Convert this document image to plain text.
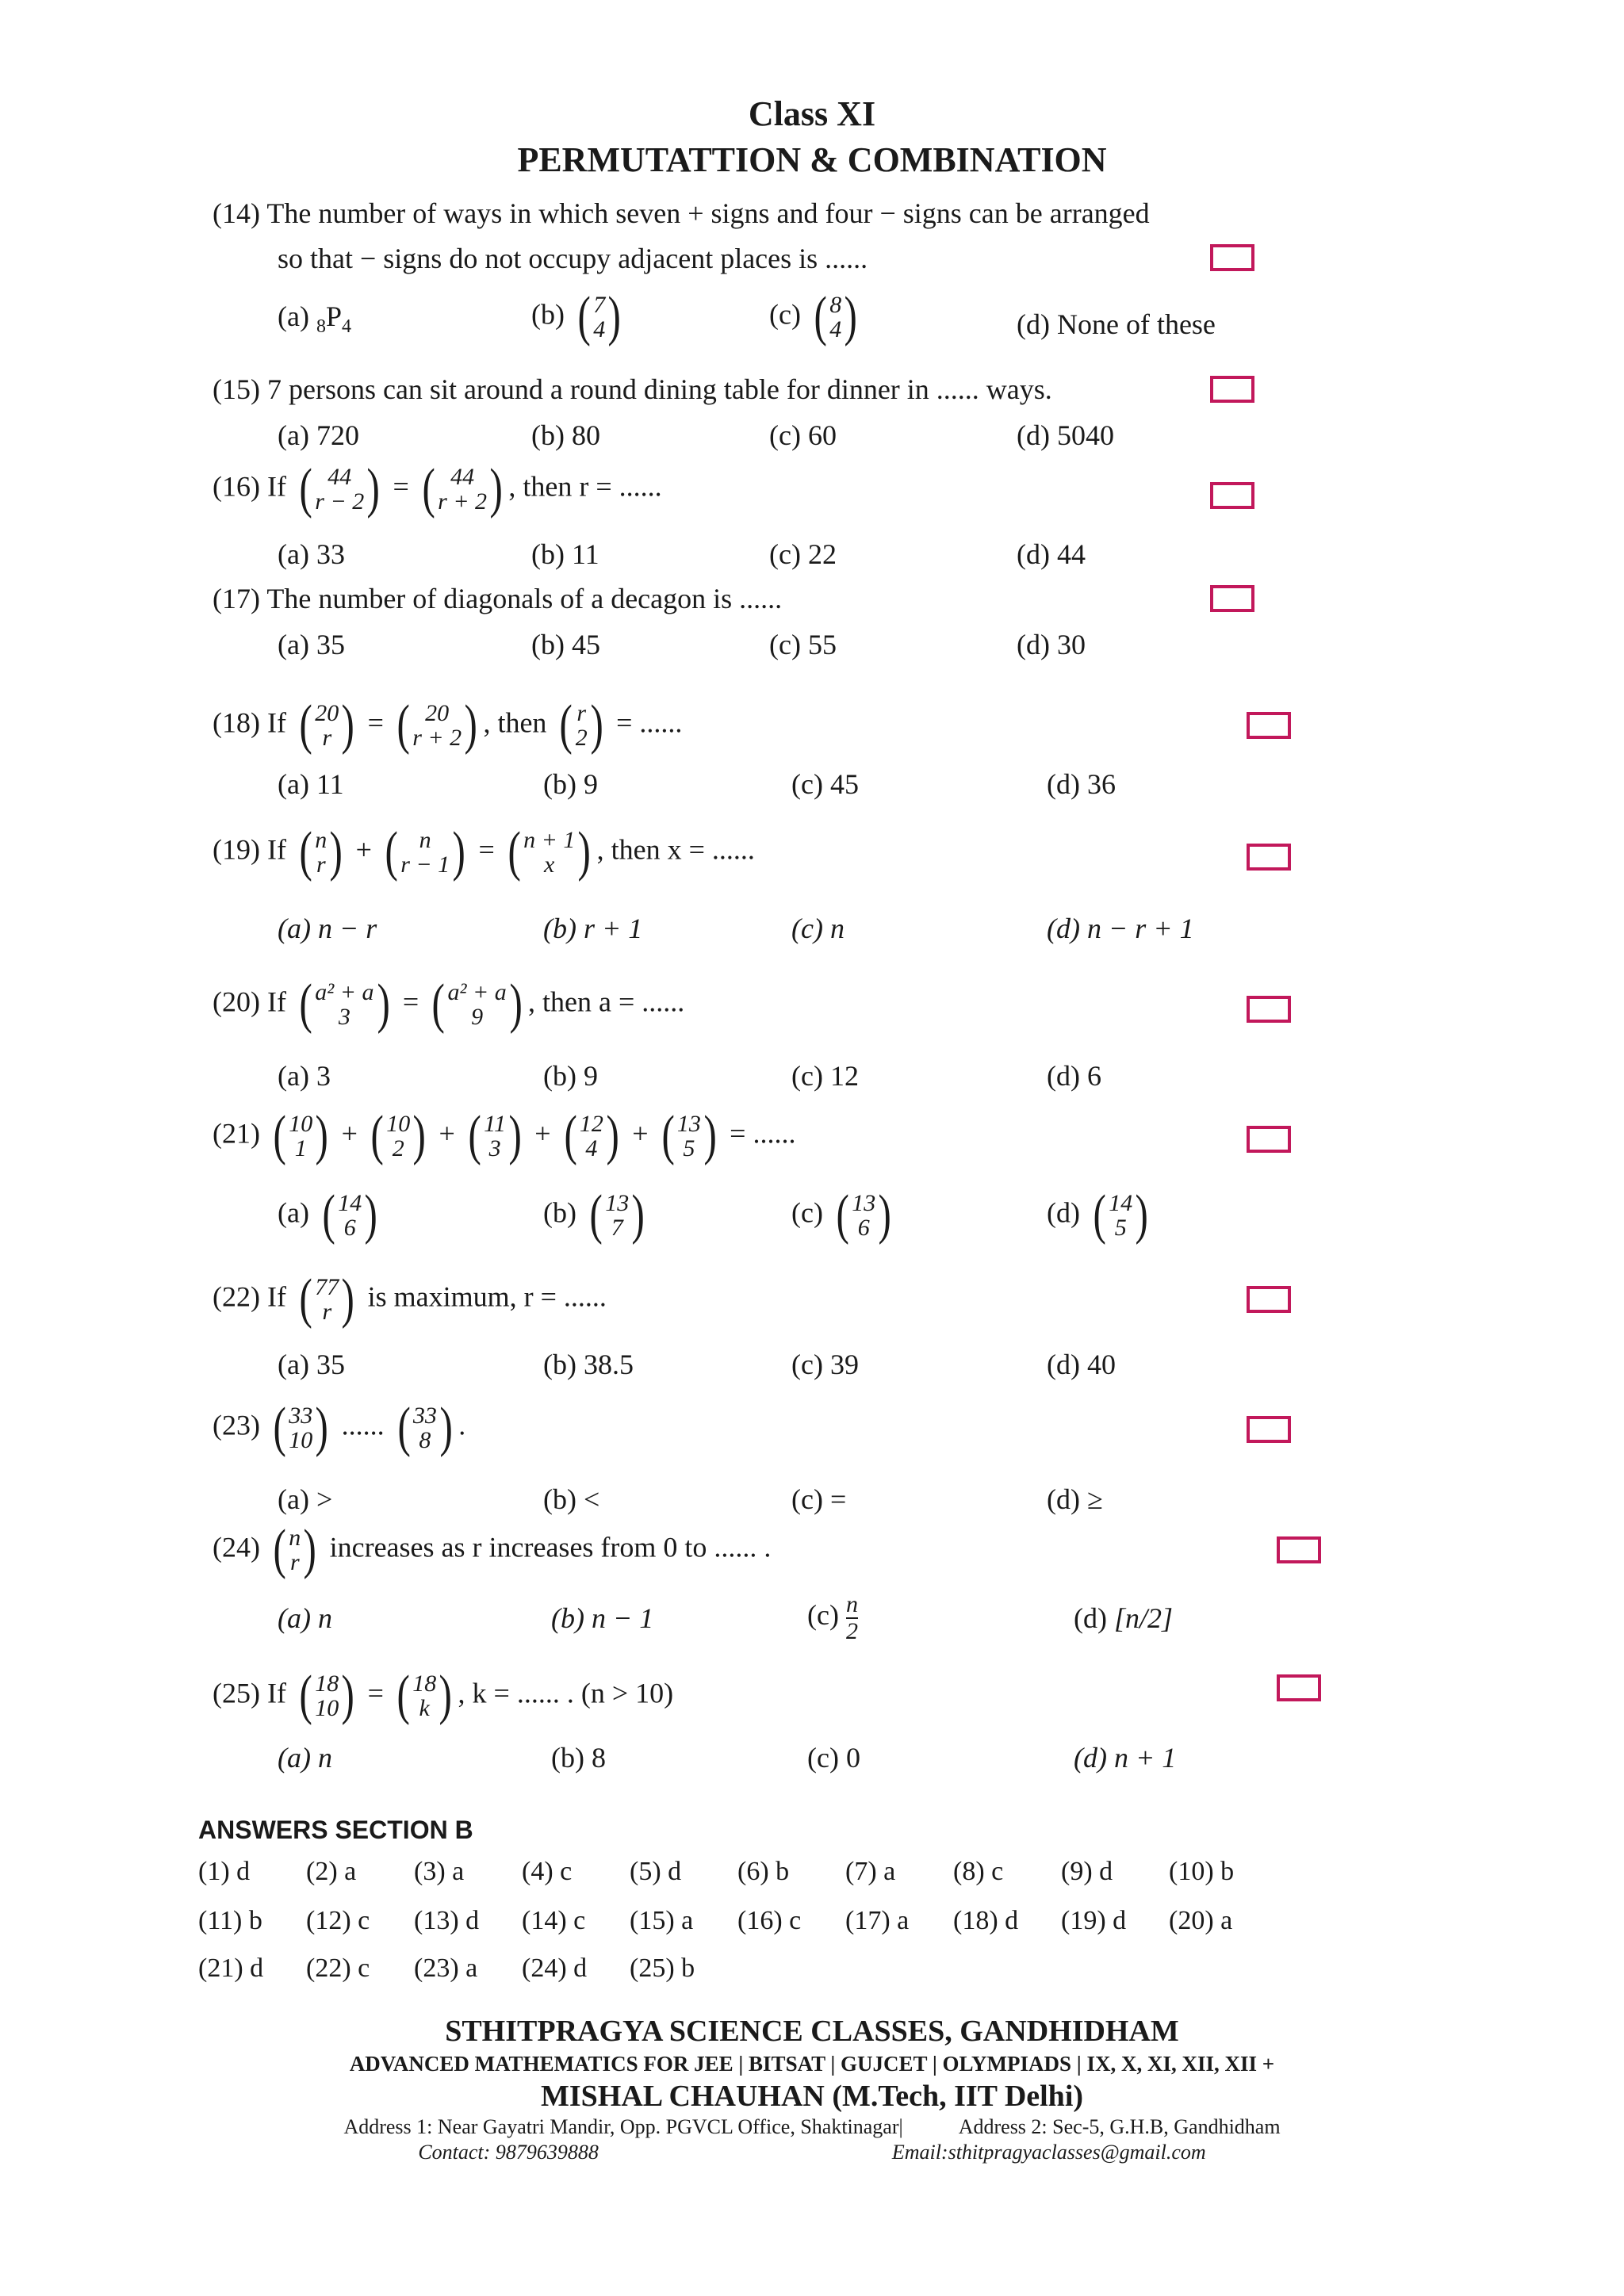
Class XI
PERMUTATTION & COMBINATION
(14) The number of ways in which seven + signs and four − signs can be arranged
so that − signs do not occupy adjacent places is ......
(a) $_8P_4$	(b) ( 7
4 )	(c) ( 8
4 )	(d) None of these
(15) 7 persons can sit around a round dining table for dinner in ...... ways.
(a) 720	(b) 80	(c) 60	(d) 5040
(16) If ( 44
r − 2 ) = ( 44
r + 2 ) , then r = ......
(a) 33	(b) 11	(c) 22	(d) 44
(17) The number of diagonals of a decagon is ......
(a) 35	(b) 45	(c) 55	(d) 30
(18) If ( 20
r ) = ( 20
r + 2 ) , then ( r
2 ) = ......
(a) 11	(b) 9	(c) 45	(d) 36
(19) If ( n
r ) + ( n
r − 1 ) = ( n + 1
x ) , then x = ......
(a) n − r	(b) r + 1	(c) n	(d) n − r + 1
(20) If ( a² + a
3 ) = ( a² + a
9 ) , then a = ......
(a) 3	(b) 9	(c) 12	(d) 6
(21) ( 10
1 ) + ( 10
2 ) + ( 11
3 ) + ( 12
4 ) + ( 13
5 ) = ......
(a) ( 14
6 )	(b) ( 13
7 )	(c) ( 13
6 )	(d) ( 14
5 )
(22) If ( 77
r ) is maximum, r = ......
(a) 35	(b) 38.5	(c) 39	(d) 40
(23) ( 33
10 ) ...... ( 33
8 ) .
(a) >	(b) <	(c) =	(d) ≥
(24) ( n
r ) increases as r increases from 0 to ...... .
(a) n	(b) n − 1	$(c) \frac{n}{2}$	(d) [n/2]
(25) If ( 18
10 ) = ( 18
k ) , k = ...... . (n > 10)
(a) n	(b) 8	(c) 0	(d) n + 1
ANSWERS SECTION B
(1) d (2) a (3) a (4) c (5) d (6) b (7) a (8) c (9) d (10) b
(11) b (12) c (13) d (14) c (15) a (16) c (17) a (18) d (19) d (20) a
(21) d (22) c (23) a (24) d (25) b
STHITPRAGYA SCIENCE CLASSES, GANDHIDHAM
ADVANCED MATHEMATICS FOR JEE | BITSAT | GUJCET | OLYMPIADS | IX, X, XI, XII, XII +
MISHAL CHAUHAN (M.Tech, IIT Delhi)
Address 1: Near Gayatri Mandir, Opp. PGVCL Office, Shaktinagar|	Address 2: Sec-5, G.H.B, Gandhidham
Contact: 9879639888	Email:sthitpragyaclasses@gmail.com
